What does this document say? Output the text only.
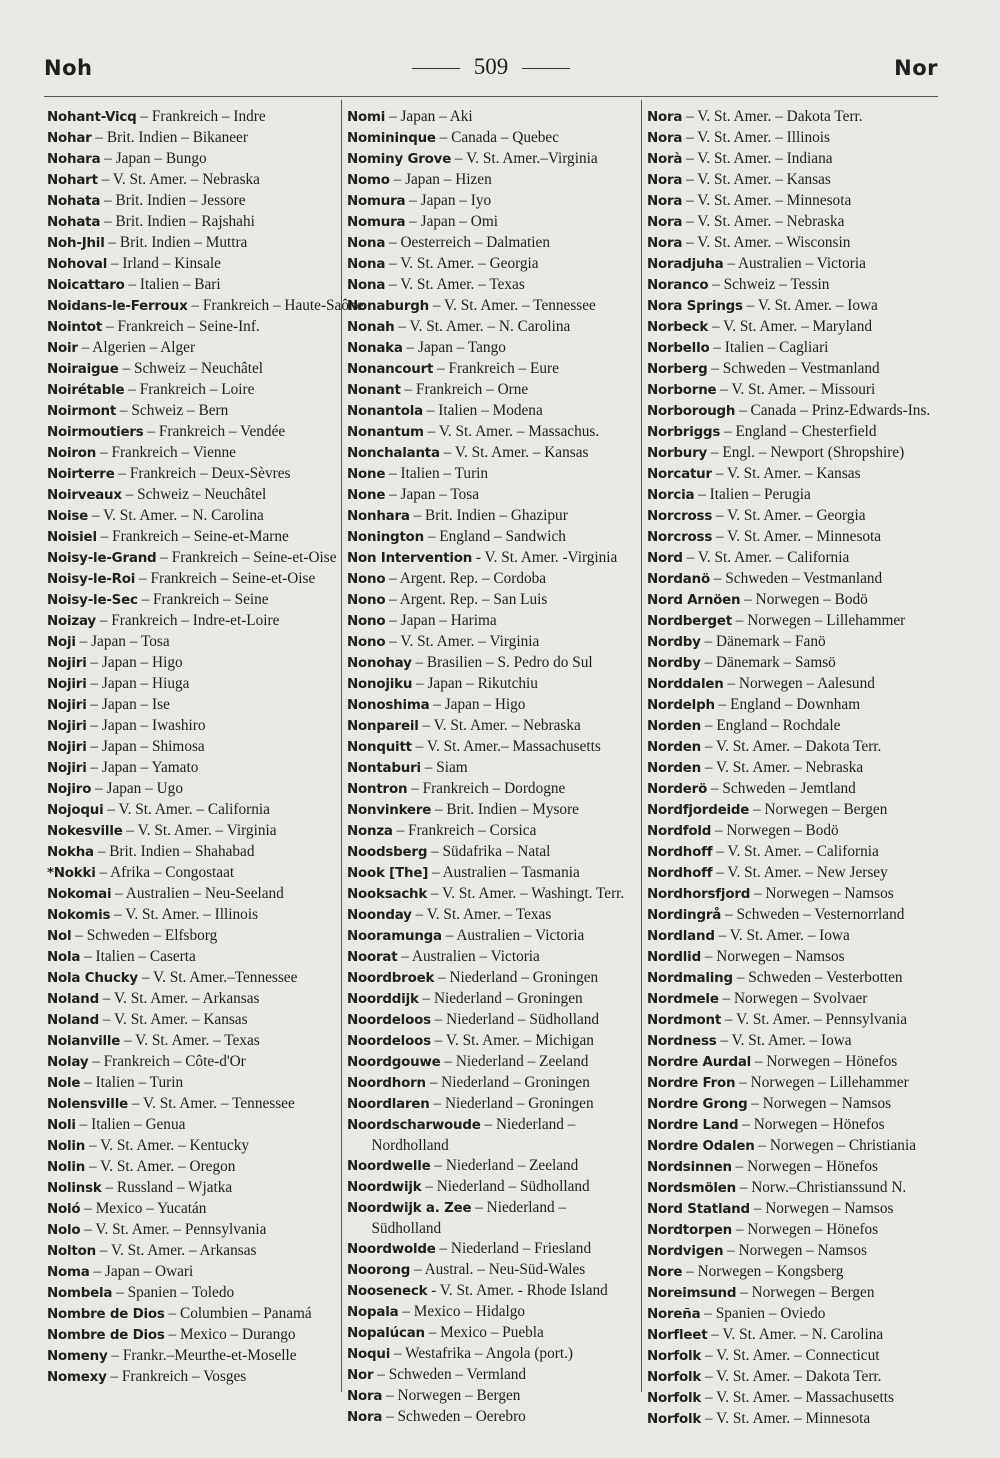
Noh	509	Nor

Nohant-Vicq – Frankreich – Indre

Nohar – Brit. Indien – Bikaneer

Nohara – Japan – Bungo

Nohart – V. St. Amer. – Nebraska

Nohata – Brit. Indien – Jessore

Nohata – Brit. Indien – Rajshahi

Noh-Jhil – Brit. Indien – Muttra

Nohoval – Irland – Kinsale

Noicattaro – Italien – Bari

Noidans-le-Ferroux – Frankreich – Haute-Saône

Nointot – Frankreich – Seine-Inf.

Noir – Algerien – Alger

Noiraigue – Schweiz – Neuchâtel

Noirétable – Frankreich – Loire

Noirmont – Schweiz – Bern

Noirmoutiers – Frankreich – Vendée

Noiron – Frankreich – Vienne

Noirterre – Frankreich – Deux-Sèvres

Noirveaux – Schweiz – Neuchâtel

Noise – V. St. Amer. – N. Carolina

Noisiel – Frankreich – Seine-et-Marne

Noisy-le-Grand – Frankreich – Seine-et-Oise

Noisy-le-Roi – Frankreich – Seine-et-Oise

Noisy-le-Sec – Frankreich – Seine

Noizay – Frankreich – Indre-et-Loire

Noji – Japan – Tosa

Nojiri – Japan – Higo

Nojiri – Japan – Hiuga

Nojiri – Japan – Ise

Nojiri – Japan – Iwashiro

Nojiri – Japan – Shimosa

Nojiri – Japan – Yamato

Nojiro – Japan – Ugo

Nojoqui – V. St. Amer. – California

Nokesville – V. St. Amer. – Virginia

Nokha – Brit. Indien – Shahabad

*Nokki – Afrika – Congostaat

Nokomai – Australien – Neu-Seeland

Nokomis – V. St. Amer. – Illinois

Nol – Schweden – Elfsborg

Nola – Italien – Caserta

Nola Chucky – V. St. Amer.–Tennessee

Noland – V. St. Amer. – Arkansas

Noland – V. St. Amer. – Kansas

Nolanville – V. St. Amer. – Texas

Nolay – Frankreich – Côte-d'Or

Nole – Italien – Turin

Nolensville – V. St. Amer. – Tennessee

Noli – Italien – Genua

Nolin – V. St. Amer. – Kentucky

Nolin – V. St. Amer. – Oregon

Nolinsk – Russland – Wjatka

Noló – Mexico – Yucatán

Nolo – V. St. Amer. – Pennsylvania

Nolton – V. St. Amer. – Arkansas

Noma – Japan – Owari

Nombela – Spanien – Toledo

Nombre de Dios – Columbien – Panamá

Nombre de Dios – Mexico – Durango

Nomeny – Frankr.–Meurthe-et-Moselle

Nomexy – Frankreich – Vosges

Nomi – Japan – Aki

Nomininque – Canada – Quebec

Nominy Grove – V. St. Amer.–Virginia

Nomo – Japan – Hizen

Nomura – Japan – Iyo

Nomura – Japan – Omi

Nona – Oesterreich – Dalmatien

Nona – V. St. Amer. – Georgia

Nona – V. St. Amer. – Texas

Nonaburgh – V. St. Amer. – Tennessee

Nonah – V. St. Amer. – N. Carolina

Nonaka – Japan – Tango

Nonancourt – Frankreich – Eure

Nonant – Frankreich – Orne

Nonantola – Italien – Modena

Nonantum – V. St. Amer. – Massachus.

Nonchalanta – V. St. Amer. – Kansas

None – Italien – Turin

None – Japan – Tosa

Nonhara – Brit. Indien – Ghazipur

Nonington – England – Sandwich

Non Intervention - V. St. Amer. -Virginia

Nono – Argent. Rep. – Cordoba

Nono – Argent. Rep. – San Luis

Nono – Japan – Harima

Nono – V. St. Amer. – Virginia

Nonohay – Brasilien – S. Pedro do Sul

Nonojiku – Japan – Rikutchiu

Nonoshima – Japan – Higo

Nonpareil – V. St. Amer. – Nebraska

Nonquitt – V. St. Amer.– Massachusetts

Nontaburi – Siam

Nontron – Frankreich – Dordogne

Nonvinkere – Brit. Indien – Mysore

Nonza – Frankreich – Corsica

Noodsberg – Südafrika – Natal

Nook [The] – Australien – Tasmania

Nooksachk – V. St. Amer. – Washingt. Terr.

Noonday – V. St. Amer. – Texas

Nooramunga – Australien – Victoria

Noorat – Australien – Victoria

Noordbroek – Niederland – Groningen

Noorddijk – Niederland – Groningen

Noordeloos – Niederland – Südholland

Noordeloos – V. St. Amer. – Michigan

Noordgouwe – Niederland – Zeeland

Noordhorn – Niederland – Groningen

Noordlaren – Niederland – Groningen

Noordscharwoude – Niederland – Nordholland

Noordwelle – Niederland – Zeeland

Noordwijk – Niederland – Südholland

Noordwijk a. Zee – Niederland – Südholland

Noordwolde – Niederland – Friesland

Noorong – Austral. – Neu-Süd-Wales

Nooseneck - V. St. Amer. - Rhode Island

Nopala – Mexico – Hidalgo

Nopalúcan – Mexico – Puebla

Noqui – Westafrika – Angola (port.)

Nor – Schweden – Vermland

Nora – Norwegen – Bergen

Nora – Schweden – Oerebro

Nora – V. St. Amer. – Dakota Terr.

Nora – V. St. Amer. – Illinois

Norà – V. St. Amer. – Indiana

Nora – V. St. Amer. – Kansas

Nora – V. St. Amer. – Minnesota

Nora – V. St. Amer. – Nebraska

Nora – V. St. Amer. – Wisconsin

Noradjuha – Australien – Victoria

Noranco – Schweiz – Tessin

Nora Springs – V. St. Amer. – Iowa

Norbeck – V. St. Amer. – Maryland

Norbello – Italien – Cagliari

Norberg – Schweden – Vestmanland

Norborne – V. St. Amer. – Missouri

Norborough – Canada – Prinz-Edwards-Ins.

Norbriggs – England – Chesterfield

Norbury – Engl. – Newport (Shropshire)

Norcatur – V. St. Amer. – Kansas

Norcia – Italien – Perugia

Norcross – V. St. Amer. – Georgia

Norcross – V. St. Amer. – Minnesota

Nord – V. St. Amer. – California

Nordanö – Schweden – Vestmanland

Nord Arnöen – Norwegen – Bodö

Nordberget – Norwegen – Lillehammer

Nordby – Dänemark – Fanö

Nordby – Dänemark – Samsö

Norddalen – Norwegen – Aalesund

Nordelph – England – Downham

Norden – England – Rochdale

Norden – V. St. Amer. – Dakota Terr.

Norden – V. St. Amer. – Nebraska

Norderö – Schweden – Jemtland

Nordfjordeide – Norwegen – Bergen

Nordfold – Norwegen – Bodö

Nordhoff – V. St. Amer. – California

Nordhoff – V. St. Amer. – New Jersey

Nordhorsfjord – Norwegen – Namsos

Nordingrå – Schweden – Vesternorrland

Nordland – V. St. Amer. – Iowa

Nordlid – Norwegen – Namsos

Nordmaling – Schweden – Vesterbotten

Nordmele – Norwegen – Svolvaer

Nordmont – V. St. Amer. – Pennsylvania

Nordness – V. St. Amer. – Iowa

Nordre Aurdal – Norwegen – Hönefos

Nordre Fron – Norwegen – Lillehammer

Nordre Grong – Norwegen – Namsos

Nordre Land – Norwegen – Hönefos

Nordre Odalen – Norwegen – Christiania

Nordsinnen – Norwegen – Hönefos

Nordsmölen – Norw.–Christianssund N.

Nord Statland – Norwegen – Namsos

Nordtorpen – Norwegen – Hönefos

Nordvigen – Norwegen – Namsos

Nore – Norwegen – Kongsberg

Noreimsund – Norwegen – Bergen

Noreña – Spanien – Oviedo

Norfleet – V. St. Amer. – N. Carolina

Norfolk – V. St. Amer. – Connecticut

Norfolk – V. St. Amer. – Dakota Terr.

Norfolk – V. St. Amer. – Massachusetts

Norfolk – V. St. Amer. – Minnesota
